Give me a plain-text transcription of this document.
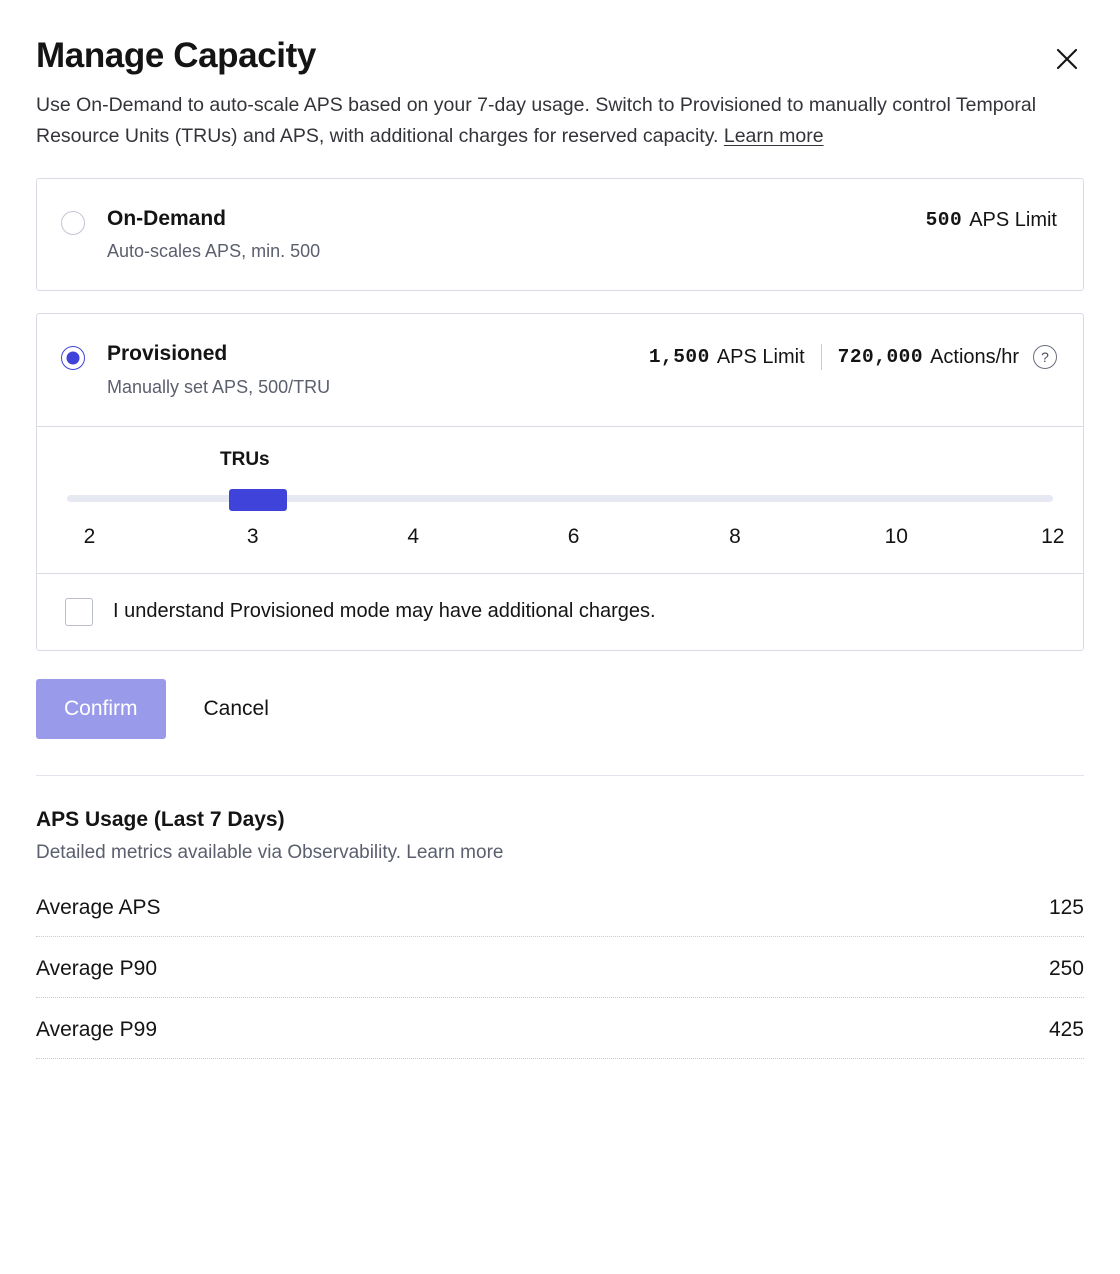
Manage Capacity
Use On-Demand to auto-scale APS based on your 7-day usage. Switch to Provisioned to manually control Temporal Resource Units (TRUs) and APS, with additional charges for reserved capacity. Learn more
On-Demand
Auto-scales APS, min. 500
500 APS Limit
Provisioned
Manually set APS, 500/TRU
1,500 APS Limit 720,000 Actions/hr	?
TRUs
2	3	4	6	8	10	12
I understand Provisioned mode may have additional charges.
Confirm	Cancel
APS Usage (Last 7 Days)
Detailed metrics available via Observability. Learn more
Average APS	125
Average P90	250
Average P99	425
